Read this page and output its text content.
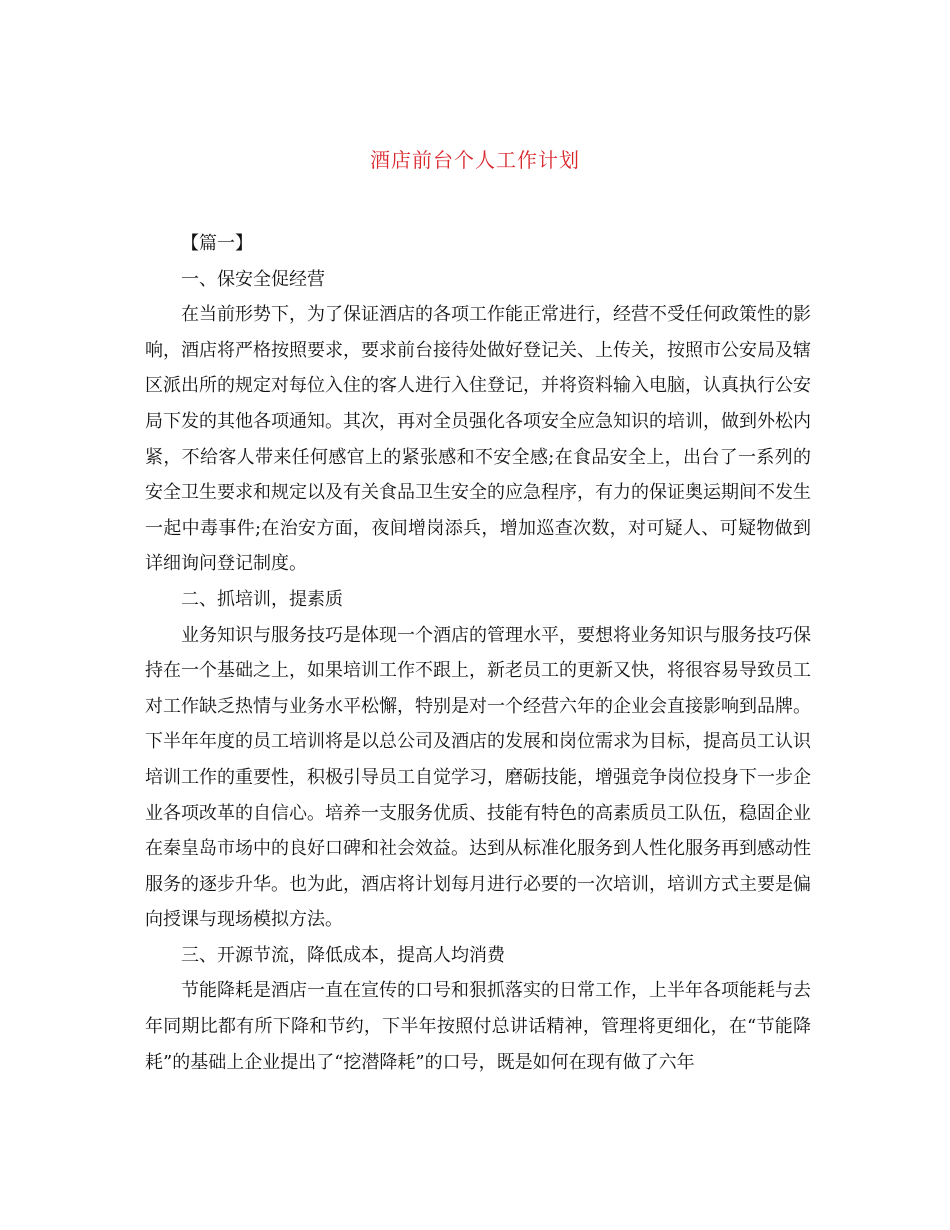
酒店前台个人工作计划

【篇一】

一、保安全促经营

在当前形势下，为了保证酒店的各项工作能正常进行，经营不受任何政策性的影响，酒店将严格按照要求，要求前台接待处做好登记关、上传关，按照市公安局及辖区派出所的规定对每位入住的客人进行入住登记，并将资料输入电脑，认真执行公安局下发的其他各项通知。其次，再对全员强化各项安全应急知识的培训，做到外松内紧，不给客人带来任何感官上的紧张感和不安全感;在食品安全上，出台了一系列的安全卫生要求和规定以及有关食品卫生安全的应急程序，有力的保证奥运期间不发生一起中毒事件;在治安方面，夜间增岗添兵，增加巡查次数，对可疑人、可疑物做到详细询问登记制度。

二、抓培训，提素质

业务知识与服务技巧是体现一个酒店的管理水平，要想将业务知识与服务技巧保持在一个基础之上，如果培训工作不跟上，新老员工的更新又快，将很容易导致员工对工作缺乏热情与业务水平松懈，特别是对一个经营六年的企业会直接影响到品牌。下半年年度的员工培训将是以总公司及酒店的发展和岗位需求为目标，提高员工认识培训工作的重要性，积极引导员工自觉学习，磨砺技能，增强竞争岗位投身下一步企业各项改革的自信心。培养一支服务优质、技能有特色的高素质员工队伍，稳固企业在秦皇岛市场中的良好口碑和社会效益。达到从标准化服务到人性化服务再到感动性服务的逐步升华。也为此，酒店将计划每月进行必要的一次培训，培训方式主要是偏向授课与现场模拟方法。

三、开源节流，降低成本，提高人均消费

节能降耗是酒店一直在宣传的口号和狠抓落实的日常工作，上半年各项能耗与去年同期比都有所下降和节约，下半年按照付总讲话精神，管理将更细化，在“节能降耗”的基础上企业提出了“挖潜降耗”的口号，既是如何在现有做了六年
